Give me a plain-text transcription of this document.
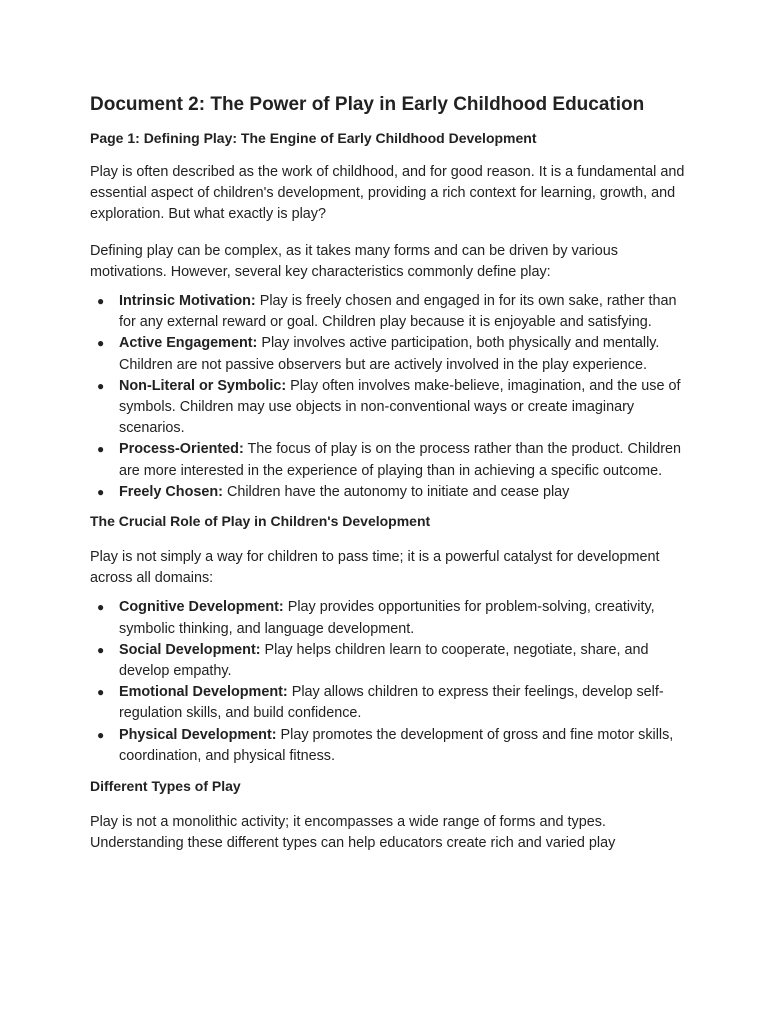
Document 2: The Power of Play in Early Childhood Education
Page 1: Defining Play: The Engine of Early Childhood Development

Play is often described as the work of childhood, and for good reason. It is a fundamental and essential aspect of children's development, providing a rich context for learning, growth, and exploration. But what exactly is play?

Defining play can be complex, as it takes many forms and can be driven by various motivations. However, several key characteristics commonly define play:

● Intrinsic Motivation: Play is freely chosen and engaged in for its own sake, rather than for any external reward or goal. Children play because it is enjoyable and satisfying.
● Active Engagement: Play involves active participation, both physically and mentally. Children are not passive observers but are actively involved in the play experience.
● Non-Literal or Symbolic: Play often involves make-believe, imagination, and the use of symbols. Children may use objects in non-conventional ways or create imaginary scenarios.
● Process-Oriented: The focus of play is on the process rather than the product. Children are more interested in the experience of playing than in achieving a specific outcome.
● Freely Chosen: Children have the autonomy to initiate and cease play
The Crucial Role of Play in Children's Development

Play is not simply a way for children to pass time; it is a powerful catalyst for development across all domains:

● Cognitive Development: Play provides opportunities for problem-solving, creativity, symbolic thinking, and language development.
● Social Development: Play helps children learn to cooperate, negotiate, share, and develop empathy.
● Emotional Development: Play allows children to express their feelings, develop self-regulation skills, and build confidence.
● Physical Development: Play promotes the development of gross and fine motor skills, coordination, and physical fitness.
Different Types of Play

Play is not a monolithic activity; it encompasses a wide range of forms and types. Understanding these different types can help educators create rich and varied play
